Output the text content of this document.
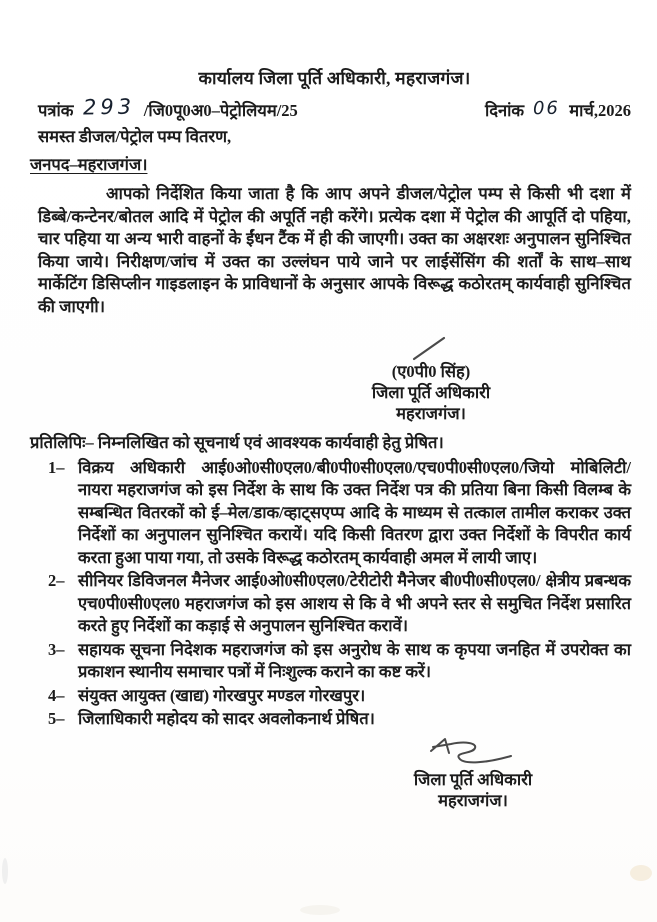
कार्यालय जिला पूर्ति अधिकारी, महराजगंज।
पत्रांक 293 /जि0पू0अ0–पेट्रोलियम/25	दिनांक 06 मार्च,2026
समस्त डीजल/पेट्रोल पम्प वितरण,
जनपद–महराजगंज।

आपको निर्देशित किया जाता है कि आप अपने डीजल/पेट्रोल पम्प से किसी भी दशा में डिब्बे/कन्टेनर/बोतल आदि में पेट्रोल की अपूर्ति नही करेंगे। प्रत्येक दशा में पेट्रोल की आपूर्ति दो पहिया, चार पहिया या अन्य भारी वाहनों के ईंधन टैंक में ही की जाएगी। उक्त का अक्षरशः अनुपालन सुनिश्चित किया जाये। निरीक्षण/जांच में उक्त का उल्लंघन पाये जाने पर लाईसेंसिंग की शर्तों के साथ–साथ मार्केटिंग डिसिप्लीन गाइडलाइन के प्राविधानों के अनुसार आपके विरूद्ध कठोरतम् कार्यवाही सुनिश्चित की जाएगी।

(ए0पी0 सिंह)
जिला पूर्ति अधिकारी
महराजगंज।
प्रतिलिपिः– निम्नलिखित को सूचनार्थ एवं आवश्यक कार्यवाही हेतु प्रेषित।
1– विक्रय अधिकारी आई0ओ0सी0एल0/बी0पी0सी0एल0/एच0पी0सी0एल0/जियो मोबिलिटी/ नायरा महराजगंज को इस निर्देश के साथ कि उक्त निर्देश पत्र की प्रतिया बिना किसी विलम्ब के सम्बन्धित वितरकों को ई–मेल/डाक/व्हाट्सएप्प आदि के माध्यम से तत्काल तामील कराकर उक्त निर्देशों का अनुपालन सुनिश्चित करायें। यदि किसी वितरण द्वारा उक्त निर्देशों के विपरीत कार्य करता हुआ पाया गया, तो उसके विरूद्ध कठोरतम् कार्यवाही अमल में लायी जाए।
2– सीनियर डिविजनल मैनेजर आई0ओ0सी0एल0/टेरीटोरी मैनेजर बी0पी0सी0एल0/ क्षेत्रीय प्रबन्धक एच0पी0सी0एल0 महराजगंज को इस आशय से कि वे भी अपने स्तर से समुचित निर्देश प्रसारित करते हुए निर्देशों का कड़ाई से अनुपालन सुनिश्चित करावें।
3– सहायक सूचना निदेशक महराजगंज को इस अनुरोध के साथ क कृपया जनहित में उपरोक्त का प्रकाशन स्थानीय समाचार पत्रों में निःशुल्क कराने का कष्ट करें।
4– संयुक्त आयुक्त (खाद्य) गोरखपुर मण्डल गोरखपुर।
5– जिलाधिकारी महोदय को सादर अवलोकनार्थ प्रेषित।
जिला पूर्ति अधिकारी
महराजगंज।
